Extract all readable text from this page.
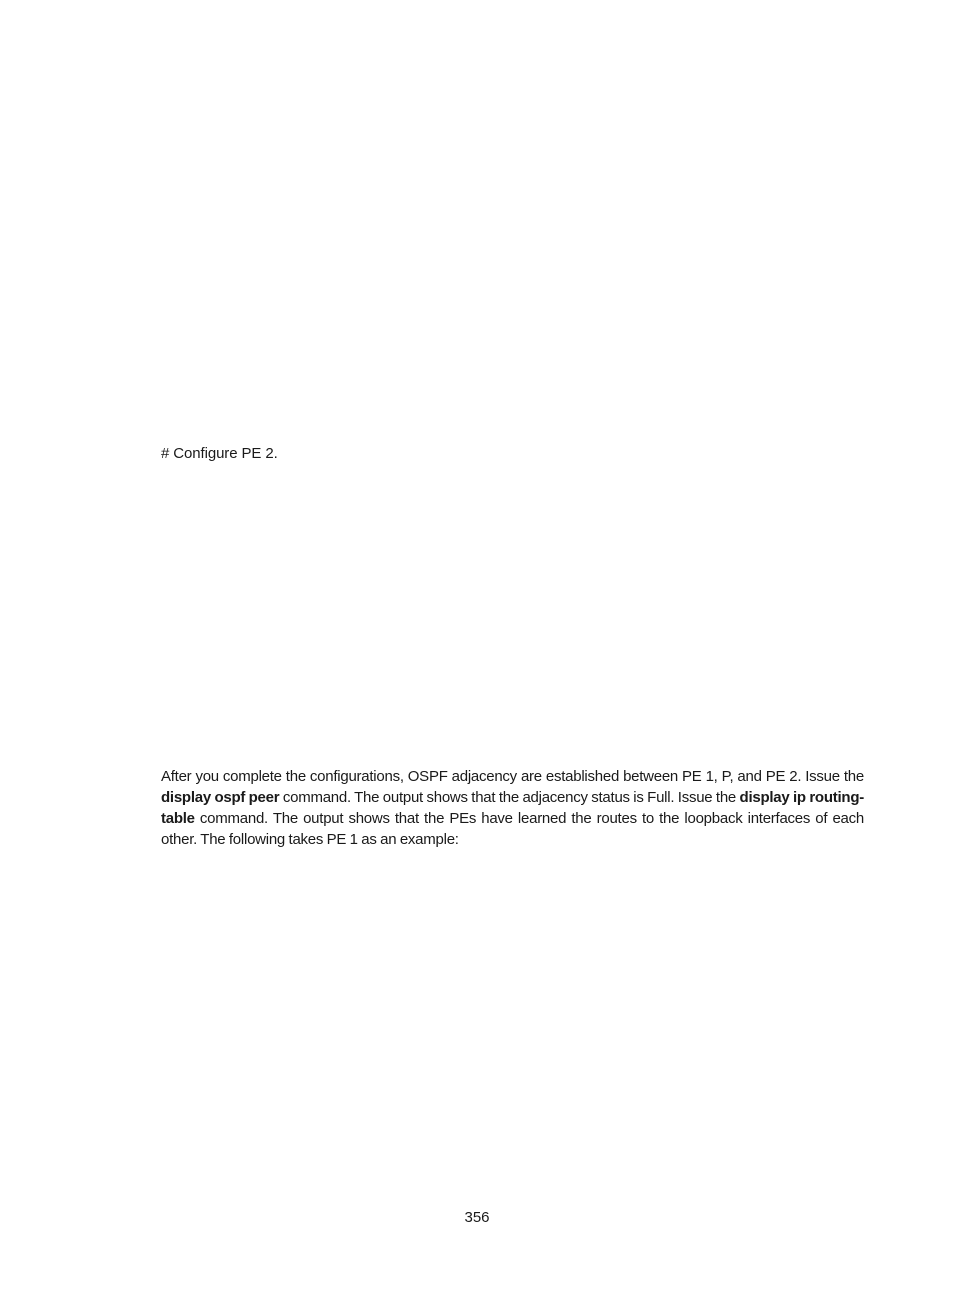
# Configure PE 2.

After you complete the configurations, OSPF adjacency are established between PE 1, P, and PE 2. Issue the display ospf peer command. The output shows that the adjacency status is Full. Issue the display ip routing-table command. The output shows that the PEs have learned the routes to the loopback interfaces of each other. The following takes PE 1 as an example:

356
